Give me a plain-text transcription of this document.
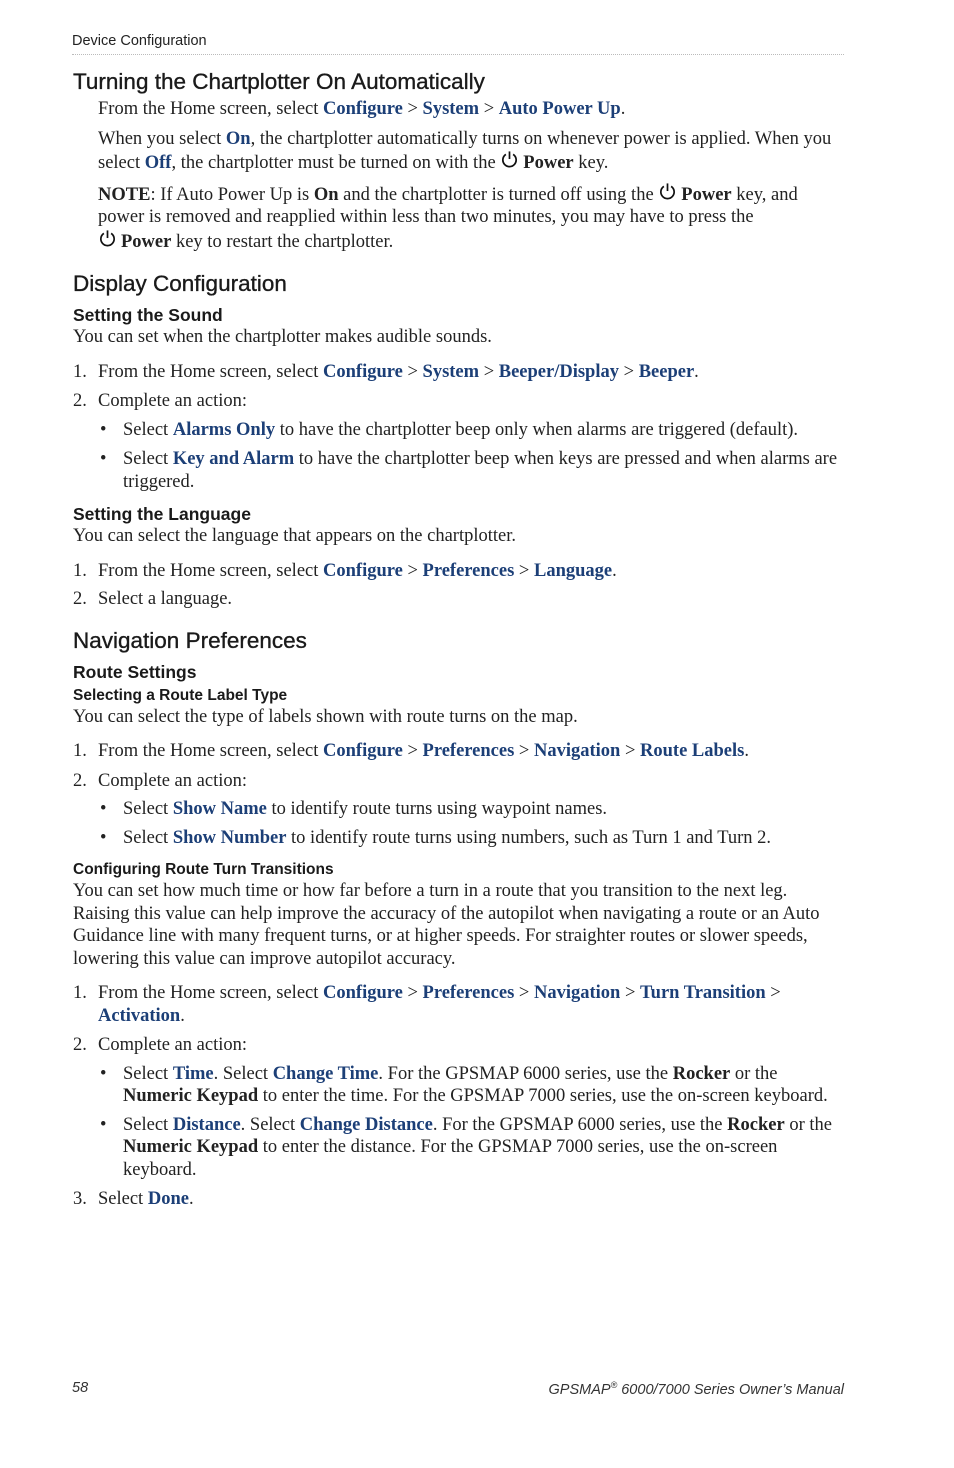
Device Configuration
Turning the Chartplotter On Automatically

From the Home screen, select Configure > System > Auto Power Up.

When you select On, the chartplotter automatically turns on whenever power is applied. When you select Off, the chartplotter must be turned on with the Power key.

NOTE: If Auto Power Up is On and the chartplotter is turned off using the Power key, and power is removed and reapplied within less than two minutes, you may have to press the
Power key to restart the chartplotter.

Display Configuration
Setting the Sound

You can set when the chartplotter makes audible sounds.

1. From the Home screen, select Configure > System > Beeper/Display > Beeper.

2. Complete an action:

• Select Alarms Only to have the chartplotter beep only when alarms are triggered (default).

• Select Key and Alarm to have the chartplotter beep when keys are pressed and when alarms are triggered.

Setting the Language

You can select the language that appears on the chartplotter.

1. From the Home screen, select Configure > Preferences > Language.

2. Select a language.

Navigation Preferences
Route Settings
Selecting a Route Label Type

You can select the type of labels shown with route turns on the map.

1. From the Home screen, select Configure > Preferences > Navigation > Route Labels.

2. Complete an action:

• Select Show Name to identify route turns using waypoint names.

• Select Show Number to identify route turns using numbers, such as Turn 1 and Turn 2.

Configuring Route Turn Transitions

You can set how much time or how far before a turn in a route that you transition to the next leg. Raising this value can help improve the accuracy of the autopilot when navigating a route or an Auto Guidance line with many frequent turns, or at higher speeds. For straighter routes or slower speeds, lowering this value can improve autopilot accuracy.

1. From the Home screen, select Configure > Preferences > Navigation > Turn Transition > Activation.

2. Complete an action:

• Select Time. Select Change Time. For the GPSMAP 6000 series, use the Rocker or the Numeric Keypad to enter the time. For the GPSMAP 7000 series, use the on-screen keyboard.

• Select Distance. Select Change Distance. For the GPSMAP 6000 series, use the Rocker or the Numeric Keypad to enter the distance. For the GPSMAP 7000 series, use the on-screen keyboard.

3. Select Done.

58	GPSMAP® 6000/7000 Series Owner’s Manual
